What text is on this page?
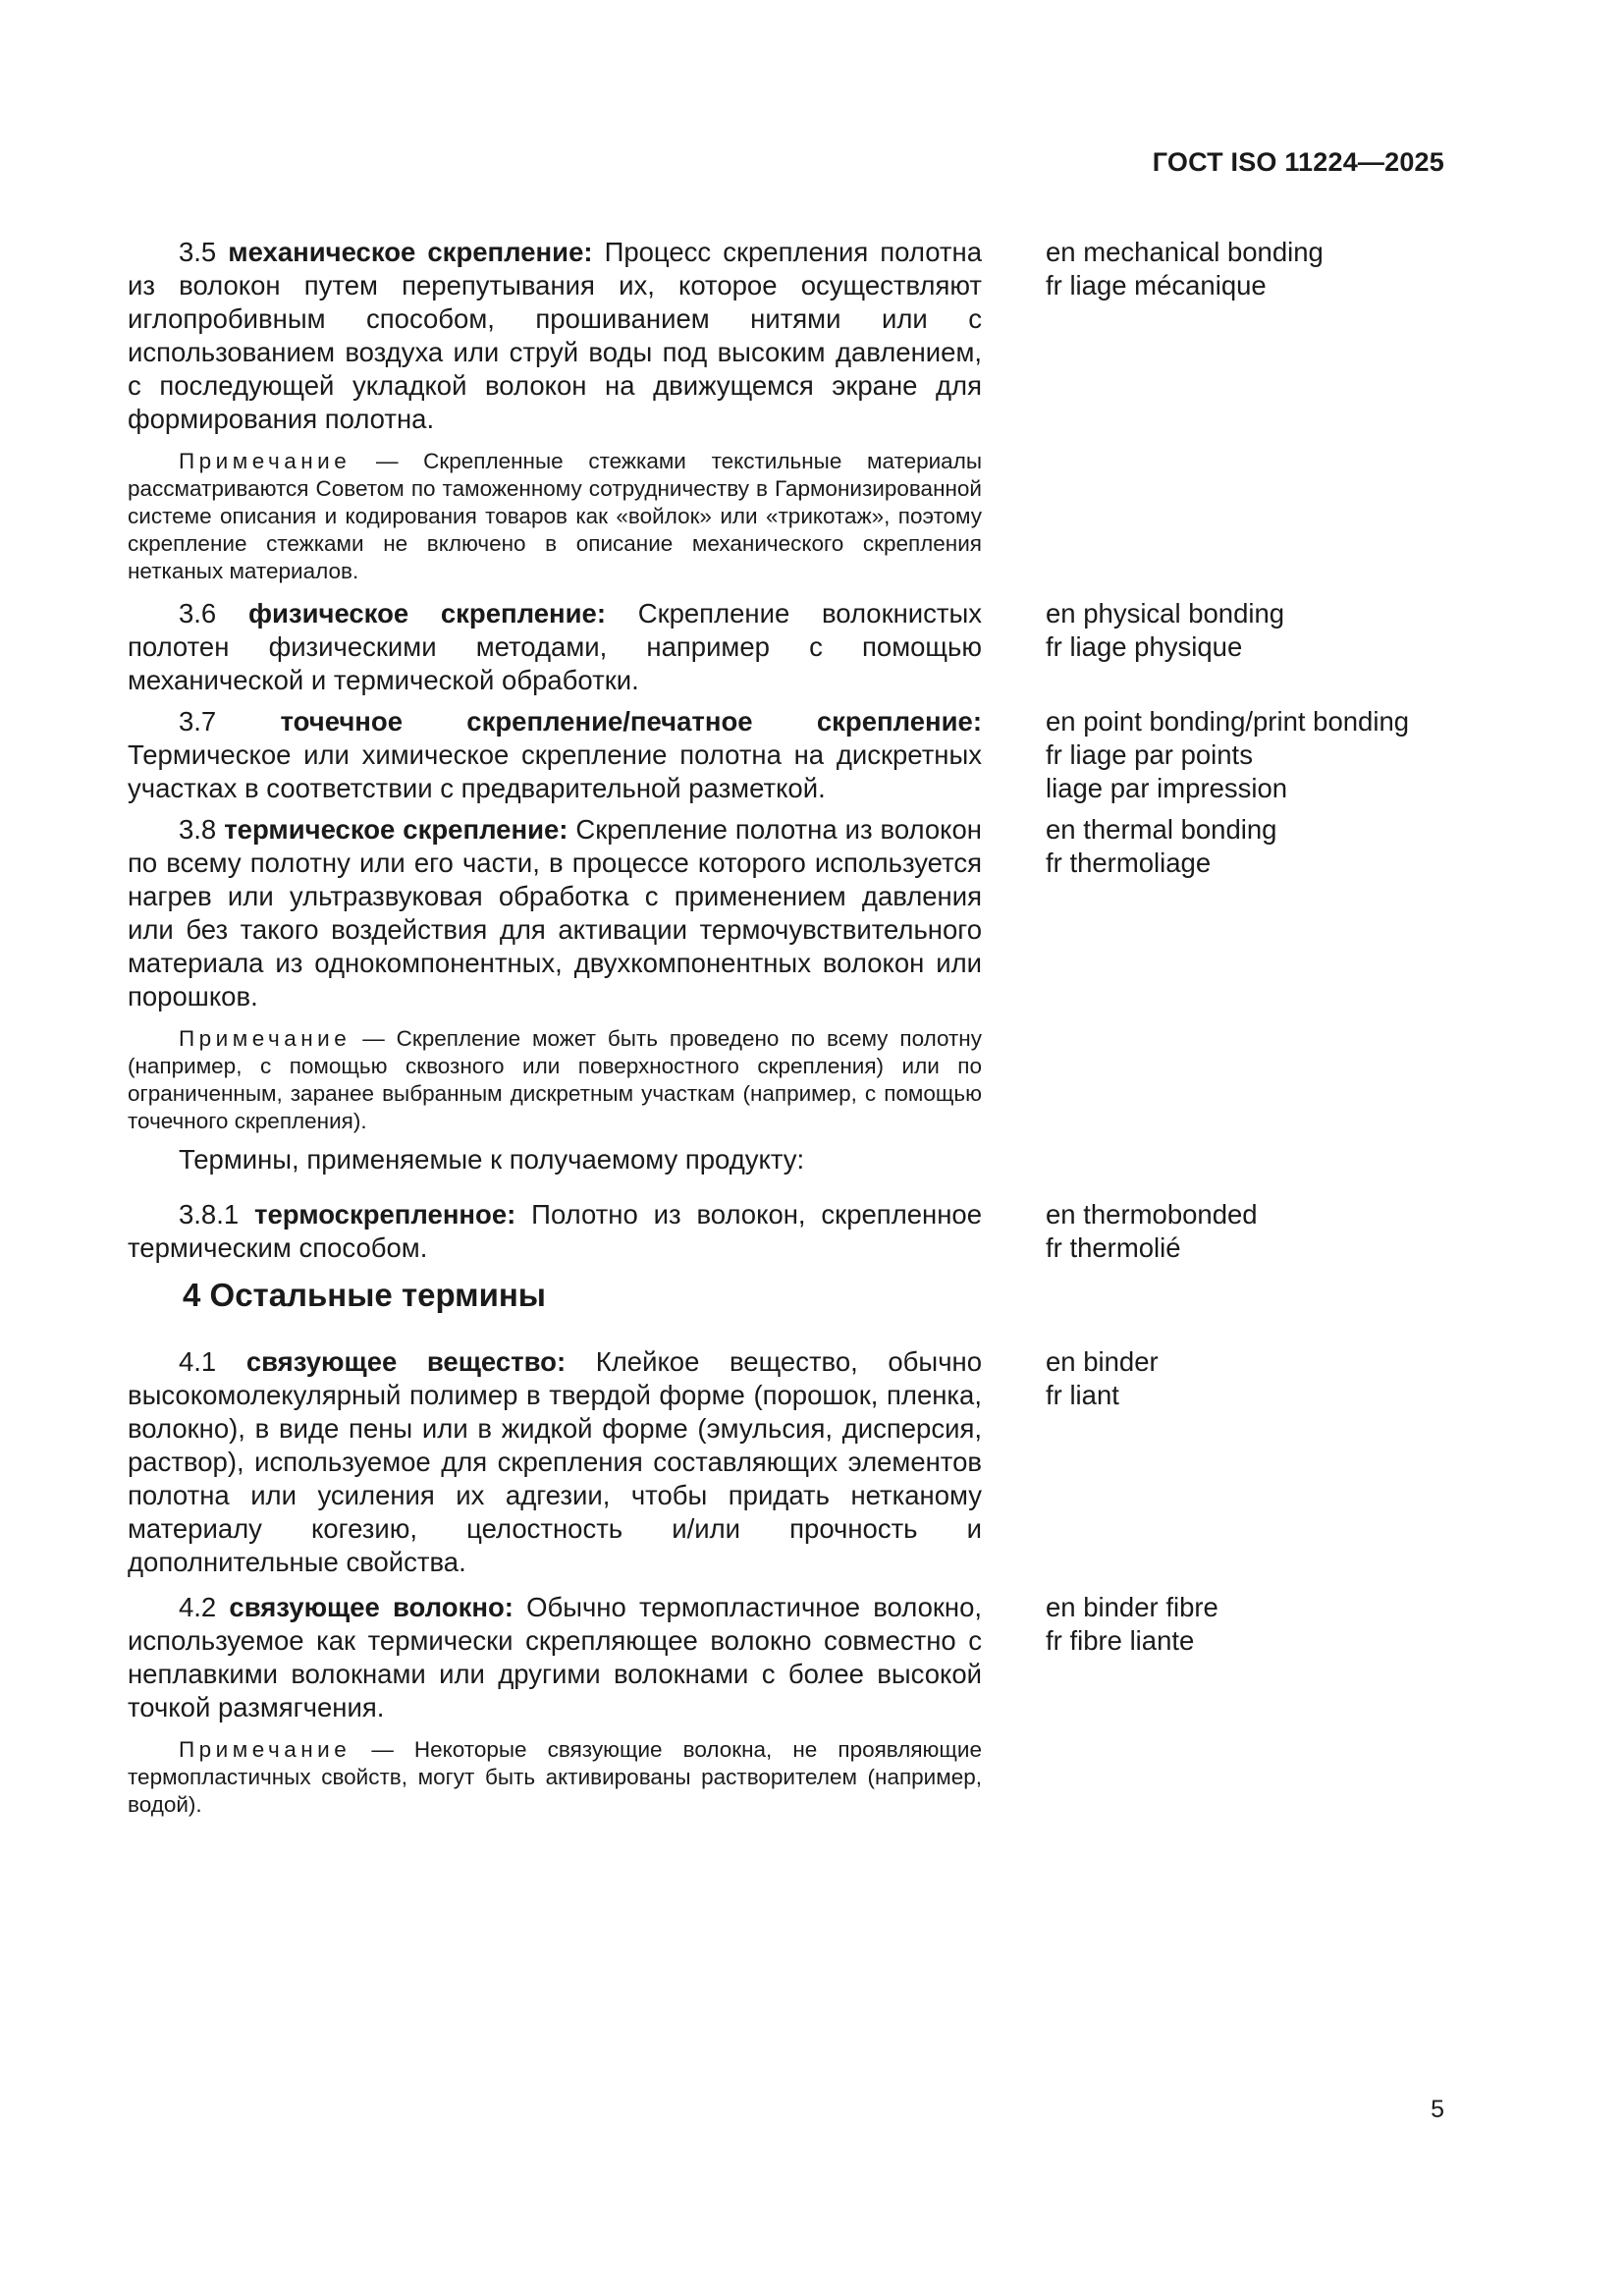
ГОСТ ISO 11224—2025

3.5 механическое скрепление: Процесс скрепления полотна из волокон путем перепутывания их, которое осуществляют иглопробивным способом, прошиванием нитями или с использованием воздуха или струй воды под высоким давлением, с последующей укладкой волокон на движущемся экране для формирования полотна.

Примечание — Скрепленные стежками текстильные материалы рассматриваются Советом по таможенному сотрудничеству в Гармонизированной системе описания и кодирования товаров как «войлок» или «трикотаж», поэтому скрепление стежками не включено в описание механического скрепления нетканых материалов.

en mechanical bonding
fr liage mécanique

3.6 физическое скрепление: Скрепление волокнистых полотен физическими методами, например с помощью механической и термической обработки.

en physical bonding
fr liage physique

3.7 точечное скрепление/печатное скрепление: Термическое или химическое скрепление полотна на дискретных участках в соответствии с предварительной разметкой.

en point bonding/print bonding
fr liage par points
liage par impression

3.8 термическое скрепление: Скрепление полотна из волокон по всему полотну или его части, в процессе которого используется нагрев или ультразвуковая обработка с применением давления или без такого воздействия для активации термочувствительного материала из однокомпонентных, двухкомпонентных волокон или порошков.

Примечание — Скрепление может быть проведено по всему полотну (например, с помощью сквозного или поверхностного скрепления) или по ограниченным, заранее выбранным дискретным участкам (например, с помощью точечного скрепления).

en thermal bonding
fr thermoliage

Термины, применяемые к получаемому продукту:

3.8.1 термоскрепленное: Полотно из волокон, скрепленное термическим способом.

en thermobonded
fr thermolié
4 Остальные термины

4.1 связующее вещество: Клейкое вещество, обычно высокомолекулярный полимер в твердой форме (порошок, пленка, волокно), в виде пены или в жидкой форме (эмульсия, дисперсия, раствор), используемое для скрепления составляющих элементов полотна или усиления их адгезии, чтобы придать нетканому материалу когезию, целостность и/или прочность и дополнительные свойства.

en binder
fr liant

4.2 связующее волокно: Обычно термопластичное волокно, используемое как термически скрепляющее волокно совместно с неплавкими волокнами или другими волокнами с более высокой точкой размягчения.

Примечание — Некоторые связующие волокна, не проявляющие термопластичных свойств, могут быть активированы растворителем (например, водой).

en binder fibre
fr fibre liante
5
